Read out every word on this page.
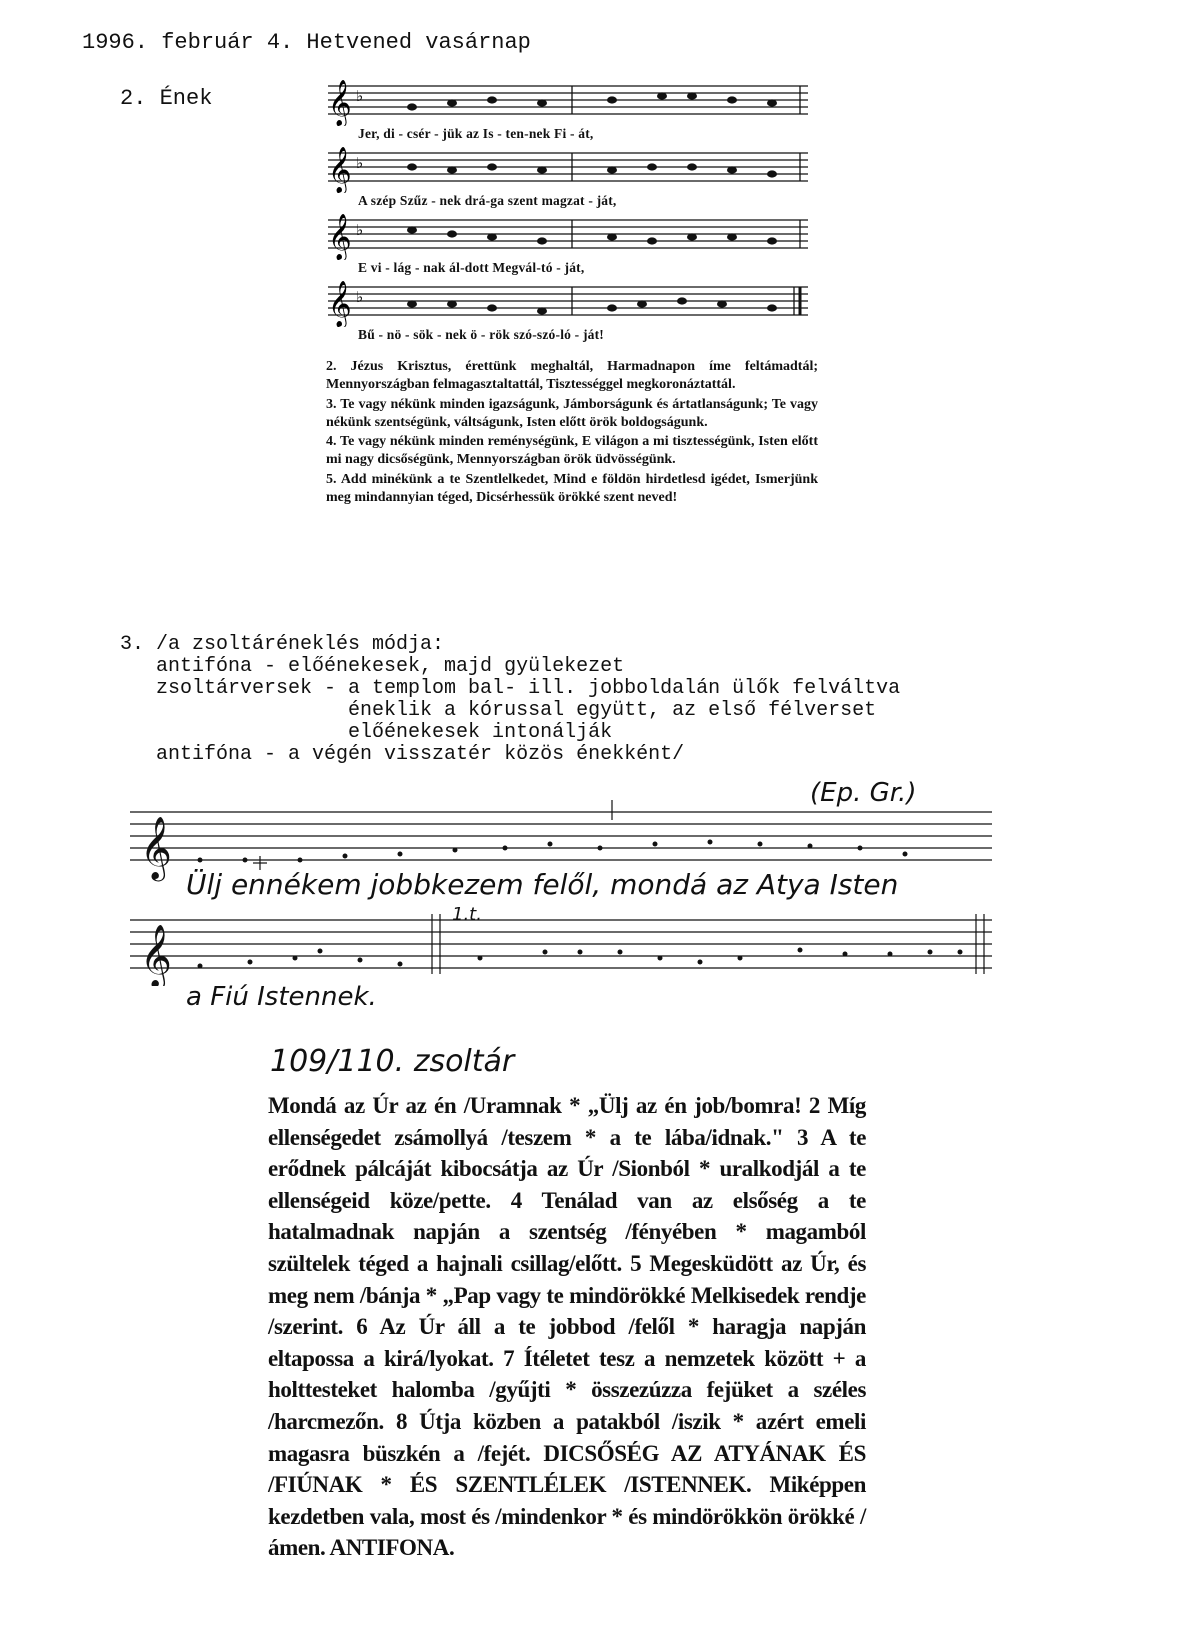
1996. február 4. Hetvened vasárnap
2. Ének	𝄞 ♭
Jer, di - csér - jük az Is - ten-nek Fi - át,
𝄞 ♭
A szép Szűz - nek drá-ga szent magzat - ját,
𝄞 ♭
E vi - lág - nak ál-dott Megvál-tó - ját,
𝄞 ♭
Bű - nö - sök - nek ö - rök szó-szó-ló - ját!

2. Jézus Krisztus, érettünk meghaltál, Harmadnapon íme feltámadtál; Mennyországban felmagasztaltattál, Tisztességgel megkoronáztattál.

3. Te vagy nékünk minden igazságunk, Jámborságunk és ártatlanságunk; Te vagy nékünk szentségünk, váltságunk, Isten előtt örök boldogságunk.

4. Te vagy nékünk minden reménységünk, E világon a mi tisztességünk, Isten előtt mi nagy dicsőségünk, Mennyországban örök üdvösségünk.

5. Add minékünk a te Szentlelkedet, Mind e földön hirdetlesd igédet, Ismerjünk meg mindannyian téged, Dicsérhessük örökké szent neved!

3. /a zsoltáréneklés módja:
antifóna - előénekesek, majd gyülekezet
zsoltárversek - a templom bal- ill. jobboldalán ülők felváltva
éneklik a kórussal együtt, az első félverset
előénekesek intonálják
antifóna - a végén visszatér közös énekként/
𝄞
𝄞
(Ep. Gr.)
Ülj ennékem jobbkezem felől, mondá az Atya Isten
1.t.
a Fiú Istennek.
109/110. zsoltár
Mondá az Úr az én /Uramnak * „Ülj az én job/bomra! 2 Míg ellenségedet zsámollyá /teszem * a te lába/idnak." 3 A te erődnek pálcáját kibocsátja az Úr /Sionból * uralkodjál a te ellenségeid köze/pette. 4 Tenálad van az elsőség a te hatalmadnak napján a szentség /fényében * magamból szültelek téged a hajnali csillag/előtt. 5 Megesküdött az Úr, és meg nem /bánja * „Pap vagy te mindörökké Melkisedek rendje /szerint. 6 Az Úr áll a te jobbod /felől * haragja napján eltapossa a kirá/lyokat. 7 Ítéletet tesz a nemzetek között + a holttesteket halomba /gyűjti * összezúzza fejüket a széles /harcmezőn. 8 Útja közben a patakból /iszik * azért emeli magasra büszkén a /fejét. DICSŐSÉG AZ ATYÁNAK ÉS /FIÚNAK * ÉS SZENTLÉLEK /ISTENNEK. Miképpen kezdetben vala, most és /mindenkor * és mindörökkön örökké /ámen. ANTIFONA.
